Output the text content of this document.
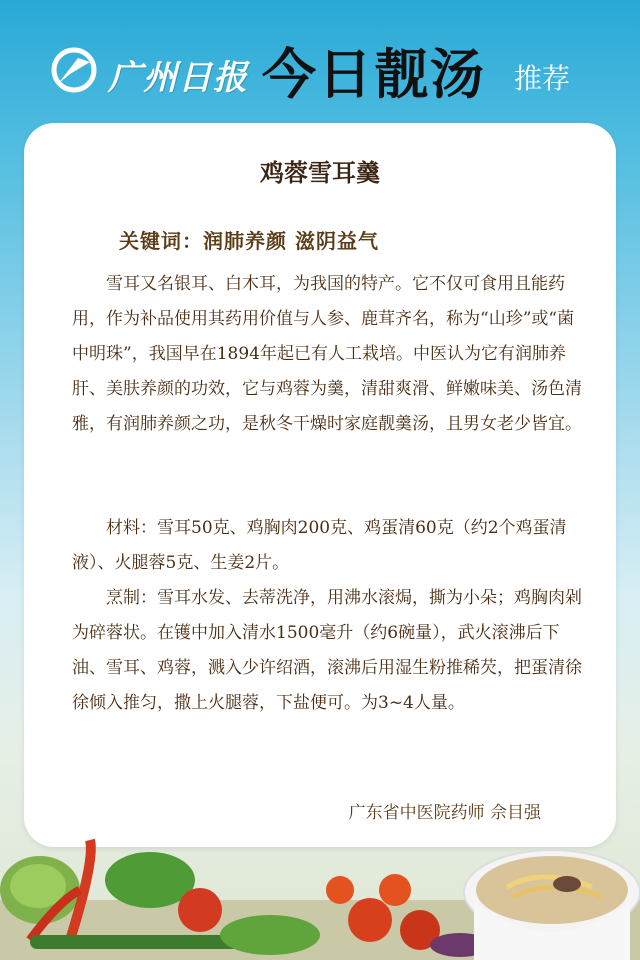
广州日报 今日靓汤 推荐
鸡蓉雪耳羹
关键词：润肺养颜 滋阴益气

雪耳又名银耳、白木耳，为我国的特产。它不仅可食用且能药用，作为补品使用其药用价值与人参、鹿茸齐名，称为“山珍”或“菌中明珠”，我国早在1894年起已有人工栽培。中医认为它有润肺养肝、美肤养颜的功效，它与鸡蓉为羹，清甜爽滑、鲜嫩味美、汤色清雅，有润肺养颜之功，是秋冬干燥时家庭靓羹汤，且男女老少皆宜。

材料：雪耳50克、鸡胸肉200克、鸡蛋清60克（约2个鸡蛋清液）、火腿蓉5克、生姜2片。

烹制：雪耳水发、去蒂洗净，用沸水滚焗，撕为小朵；鸡胸肉剁为碎蓉状。在镬中加入清水1500毫升（约6碗量），武火滚沸后下油、雪耳、鸡蓉，溅入少许绍酒，滚沸后用湿生粉推稀芡，把蛋清徐徐倾入推匀，撒上火腿蓉，下盐便可。为3~4人量。

广东省中医院药师 佘目强
